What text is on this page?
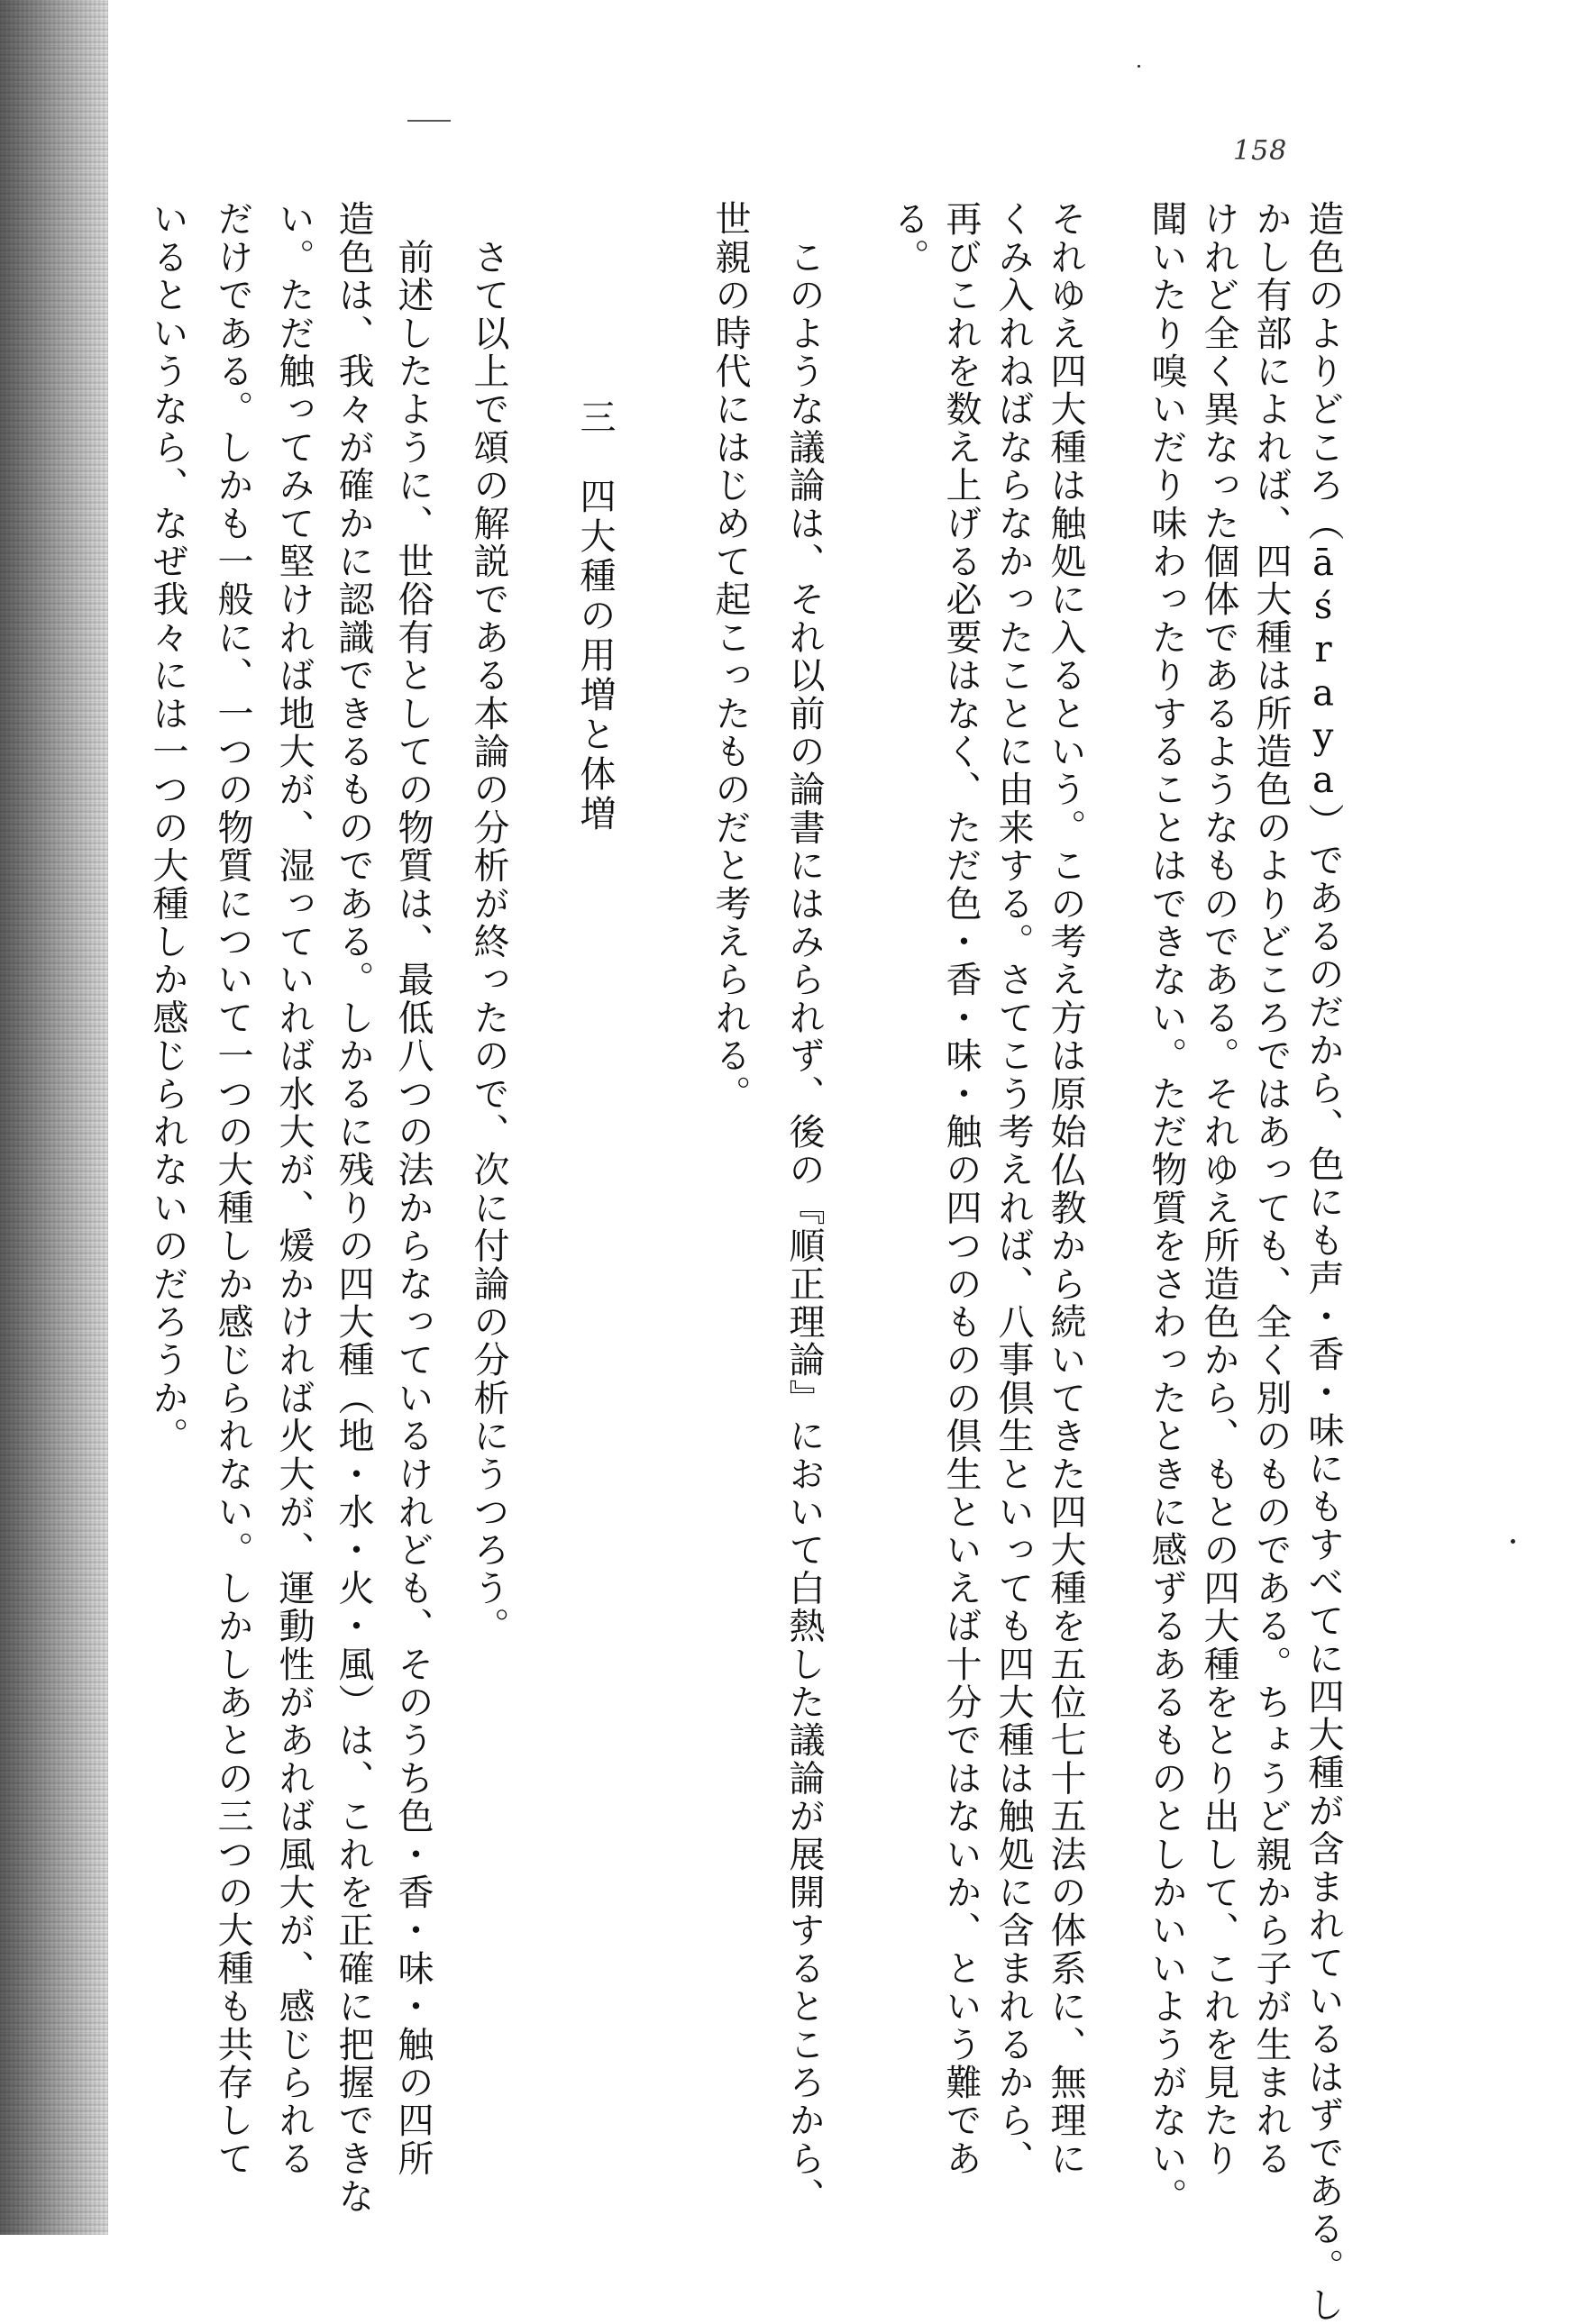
158
造色のよりどころ（āśraya）であるのだから、色にも声・香・味にもすべてに四大種が含まれているはずである。し
かし有部によれば、四大種は所造色のよりどころではあっても、全く別のものである。ちょうど親から子が生まれる
けれど全く異なった個体であるようなものである。それゆえ所造色から、もとの四大種をとり出して、これを見たり
聞いたり嗅いだり味わったりすることはできない。ただ物質をさわったときに感ずるあるものとしかいいようがない。
それゆえ四大種は触処に入るという。この考え方は原始仏教から続いてきた四大種を五位七十五法の体系に、無理に
くみ入れねばならなかったことに由来する。さてこう考えれば、八事倶生といっても四大種は触処に含まれるから、
再びこれを数え上げる必要はなく、ただ色・香・味・触の四つのものの倶生といえば十分ではないか、という難であ
る。
　このような議論は、それ以前の論書にはみられず、後の『順正理論』において白熱した議論が展開するところから、
世親の時代にはじめて起こったものだと考えられる。
三　四大種の用増と体増
　さて以上で頌の解説である本論の分析が終ったので、次に付論の分析にうつろう。
　前述したように、世俗有としての物質は、最低八つの法からなっているけれども、そのうち色・香・味・触の四所
造色は、我々が確かに認識できるものである。しかるに残りの四大種（地・水・火・風）は、これを正確に把握できな
い。ただ触ってみて堅ければ地大が、湿っていれば水大が、煖かければ火大が、運動性があれば風大が、感じられる
だけである。しかも一般に、一つの物質について一つの大種しか感じられない。しかしあとの三つの大種も共存して
いるというなら、なぜ我々には一つの大種しか感じられないのだろうか。
